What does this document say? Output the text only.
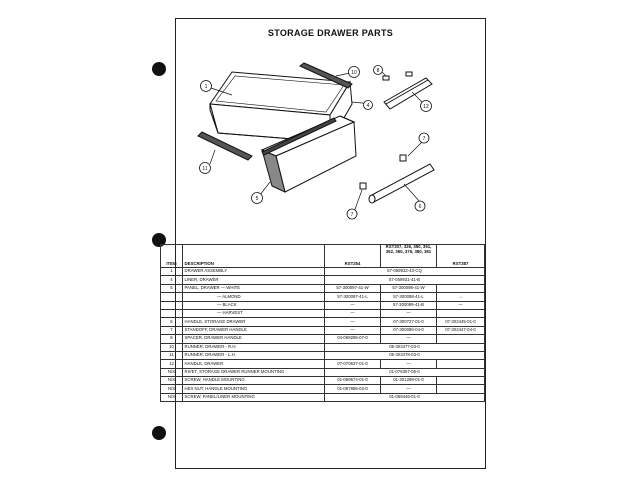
STORAGE DRAWER PARTS
1
10	8
4	12
11
5
7
6
7
ITEM	DESCRIPTION	RST254	RST307, 326, 350, 351, 352, 360, 376, 380, 381	RST387
1	DRAWER ASSEMBLY	57-059932-43-CQ		
4	LINER, DRAWER	57-059931-41-B		
5	PANEL, DRAWER — WHITE	57-300097-41-W	57-300098-41-W	
	— ALMOND	57-300097-41-L	57-300098-41-L	→
	— BLACK	—	57-300099-41-B	—
	— HARVEST	—	—	
6	HANDLE, STORAGE DRAWER	—	07-300727-01-0	07-302445-01-0
7	STANDOFF, DRAWER HANDLE	—	07-300080-04-0	07-302447-04-0
8	SPACER, DRAWER HANDLE	04-068285-07-0	—	
10	RUNNER, DRAWER - R.H.	05-303477-03-0		
11	RUNNER, DRAWER - L.H.	05-303478-03-0		
12	HANDLE, DRAWER	07-070637-01-0	—	
N/S	RIVET, STORAGE DRAWER RUNNER MOUNTING	01-076357-05-0		
N/S	SCREW, HANDLE MOUNTING	01-069574-01-0	01-301298-01-0	
N/S	HEX NUT, HANDLE MOUNTING	01-097886-02-0	—	
N/S	SCREW, PANEL/LINER MOUNTING	01-069446-01-0		
